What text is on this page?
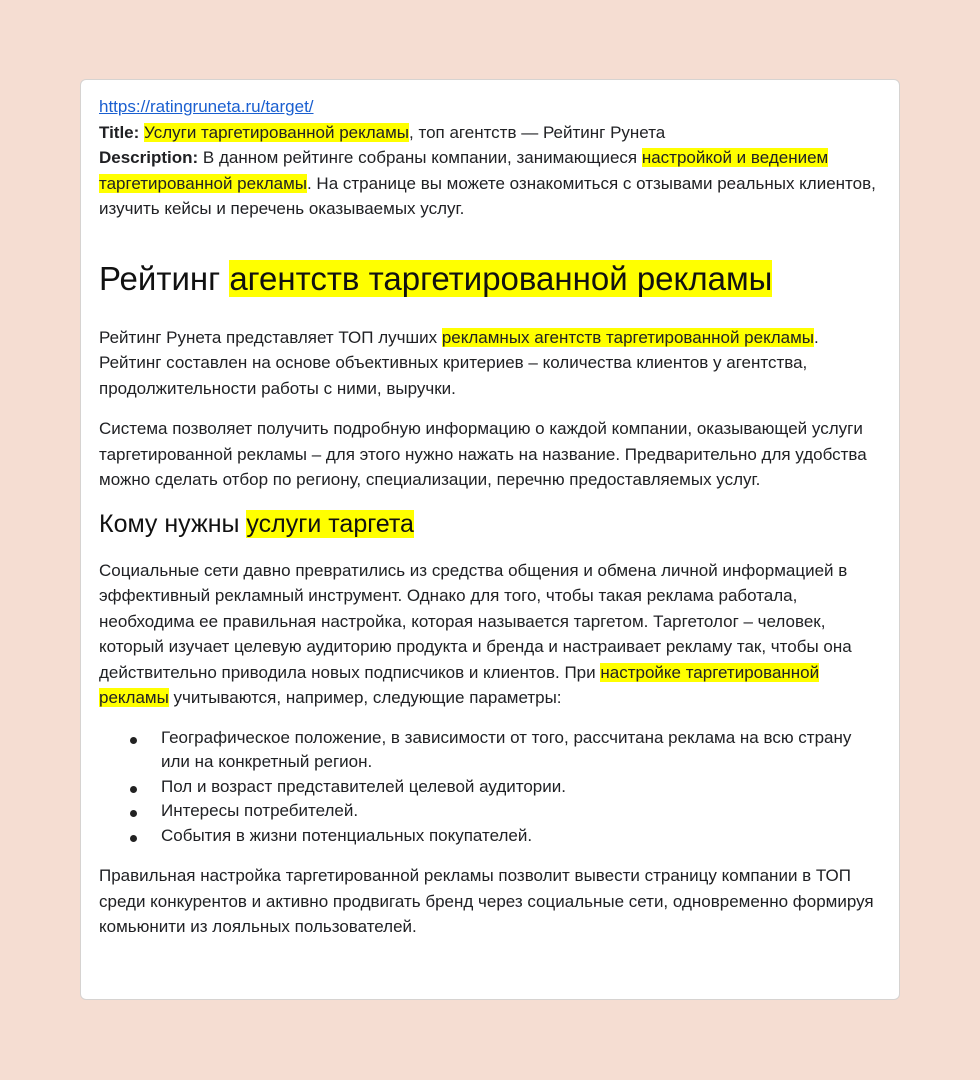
https://ratingruneta.ru/target/
Title: Услуги таргетированной рекламы, топ агентств — Рейтинг Рунета
Description: В данном рейтинге собраны компании, занимающиеся настройкой и ведением таргетированной рекламы. На странице вы можете ознакомиться с отзывами реальных клиентов, изучить кейсы и перечень оказываемых услуг.
Рейтинг агентств таргетированной рекламы

Рейтинг Рунета представляет ТОП лучших рекламных агентств таргетированной рекламы. Рейтинг составлен на основе объективных критериев – количества клиентов у агентства, продолжительности работы с ними, выручки.

Система позволяет получить подробную информацию о каждой компании, оказывающей услуги таргетированной рекламы – для этого нужно нажать на название. Предварительно для удобства можно сделать отбор по региону, специализации, перечню предоставляемых услуг.

Кому нужны услуги таргета

Социальные сети давно превратились из средства общения и обмена личной информацией в эффективный рекламный инструмент. Однако для того, чтобы такая реклама работала, необходима ее правильная настройка, которая называется таргетом. Таргетолог – человек, который изучает целевую аудиторию продукта и бренда и настраивает рекламу так, чтобы она действительно приводила новых подписчиков и клиентов. При настройке таргетированной рекламы учитываются, например, следующие параметры:

Географическое положение, в зависимости от того, рассчитана реклама на всю страну или на конкретный регион.
Пол и возраст представителей целевой аудитории.
Интересы потребителей.
События в жизни потенциальных покупателей.

Правильная настройка таргетированной рекламы позволит вывести страницу компании в ТОП среди конкурентов и активно продвигать бренд через социальные сети, одновременно формируя комьюнити из лояльных пользователей.
